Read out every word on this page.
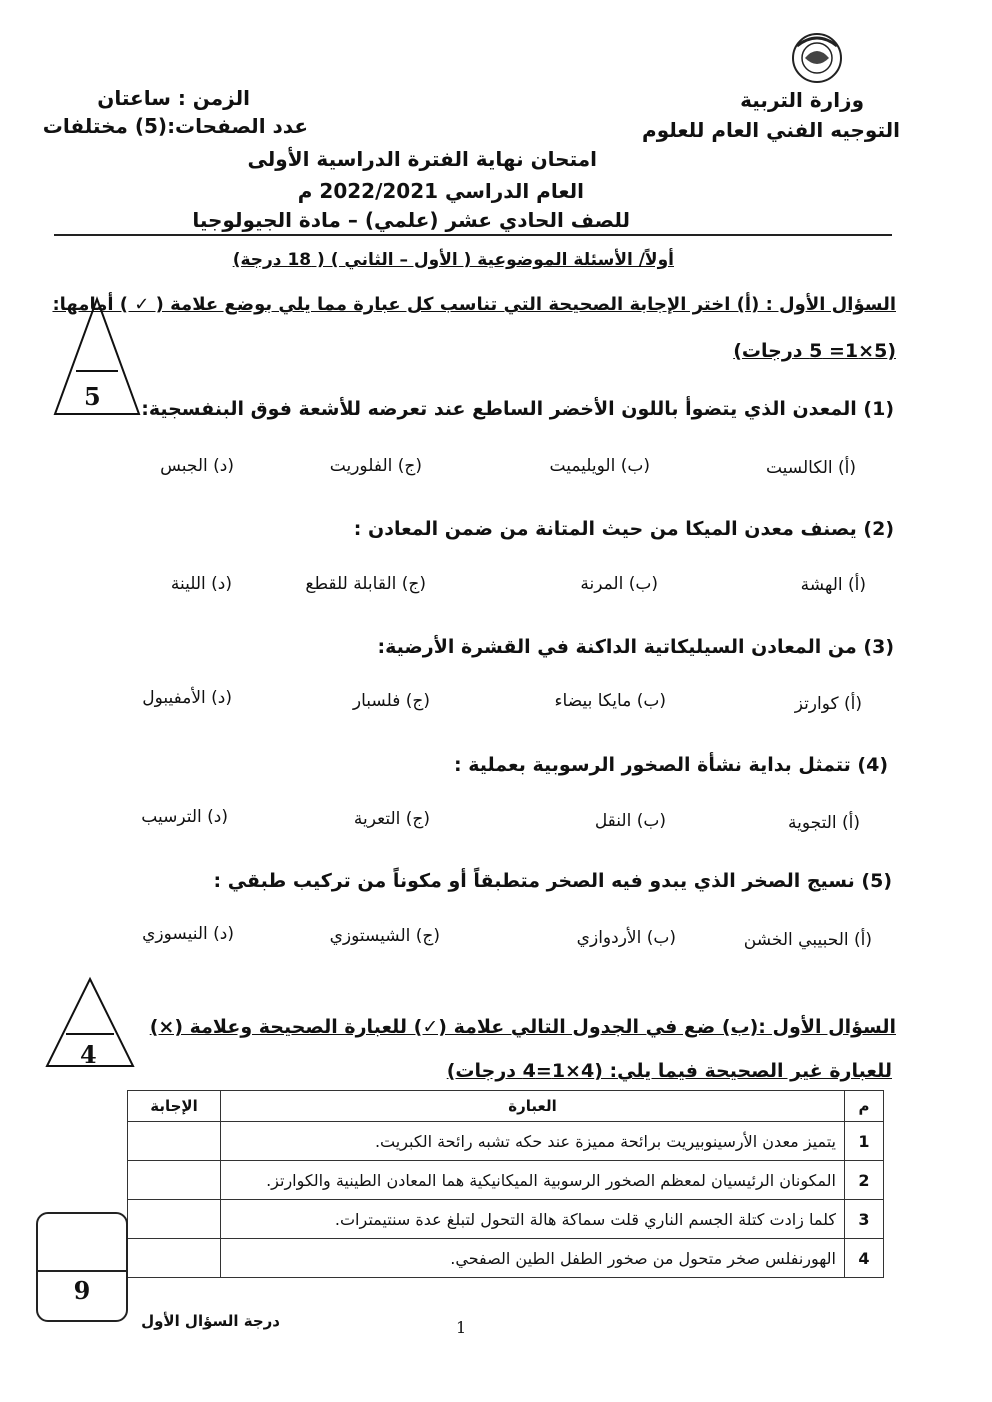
وزارة التربية
التوجيه الفني العام للعلوم
الزمن : ساعتان
عدد الصفحات:(5) مختلفات
امتحان نهاية الفترة الدراسية الأولى
العام الدراسي 2022/2021 م
للصف الحادي عشر (علمي) – مادة الجيولوجيا
أولاً/ الأسئلة الموضوعية ( الأول – الثاني ) ( 18 درجة)
السؤال الأول : (أ) اختر الإجابة الصحيحة التي تناسب كل عبارة مما يلي بوضع علامة ( ✓ ) أمامها:
(5×1= 5 درجات)
5 (1) المعدن الذي يتضوأ باللون الأخضر الساطع عند تعرضه للأشعة فوق البنفسجية:
(أ) الكالسيت
(ب) الويليميت
(ج) الفلوريت
(د) الجبس
(2) يصنف معدن الميكا من حيث المتانة من ضمن المعادن :
(أ) الهشة
(ب) المرنة
(ج) القابلة للقطع
(د) اللينة
(3) من المعادن السيليكاتية الداكنة في القشرة الأرضية:
(أ) كوارتز
(ب) مايكا بيضاء
(ج) فلسبار
(د) الأمفيبول
(4) تتمثل بداية نشأة الصخور الرسوبية بعملية :
(أ) التجوية
(ب) النقل
(ج) التعرية
(د) الترسيب
(5) نسيج الصخر الذي يبدو فيه الصخر متطبقاً أو مكوناً من تركيب طبقي :
(أ) الحبيبي الخشن
(ب) الأردوازي
(ج) الشيستوزي
(د) النيسوزي
4
السؤال الأول :(ب) ضع في الجدول التالي علامة (✓) للعبارة الصحيحة وعلامة (×)
للعبارة غير الصحيحة فيما يلي: (4×1=4 درجات)
م	العبارة	الإجابة
1	يتميز معدن الأرسينوبيريت برائحة مميزة عند حكه تشبه رائحة الكبريت.	
2	المكونان الرئيسيان لمعظم الصخور الرسوبية الميكانيكية هما المعادن الطينية والكوارتز.	
3	كلما زادت كتلة الجسم الناري قلت سماكة هالة التحول لتبلغ عدة سنتيمترات.	
4	الهورنفلس صخر متحول من صخور الطفل الطين الصفحي.	
9
درجة السؤال الأول	1
